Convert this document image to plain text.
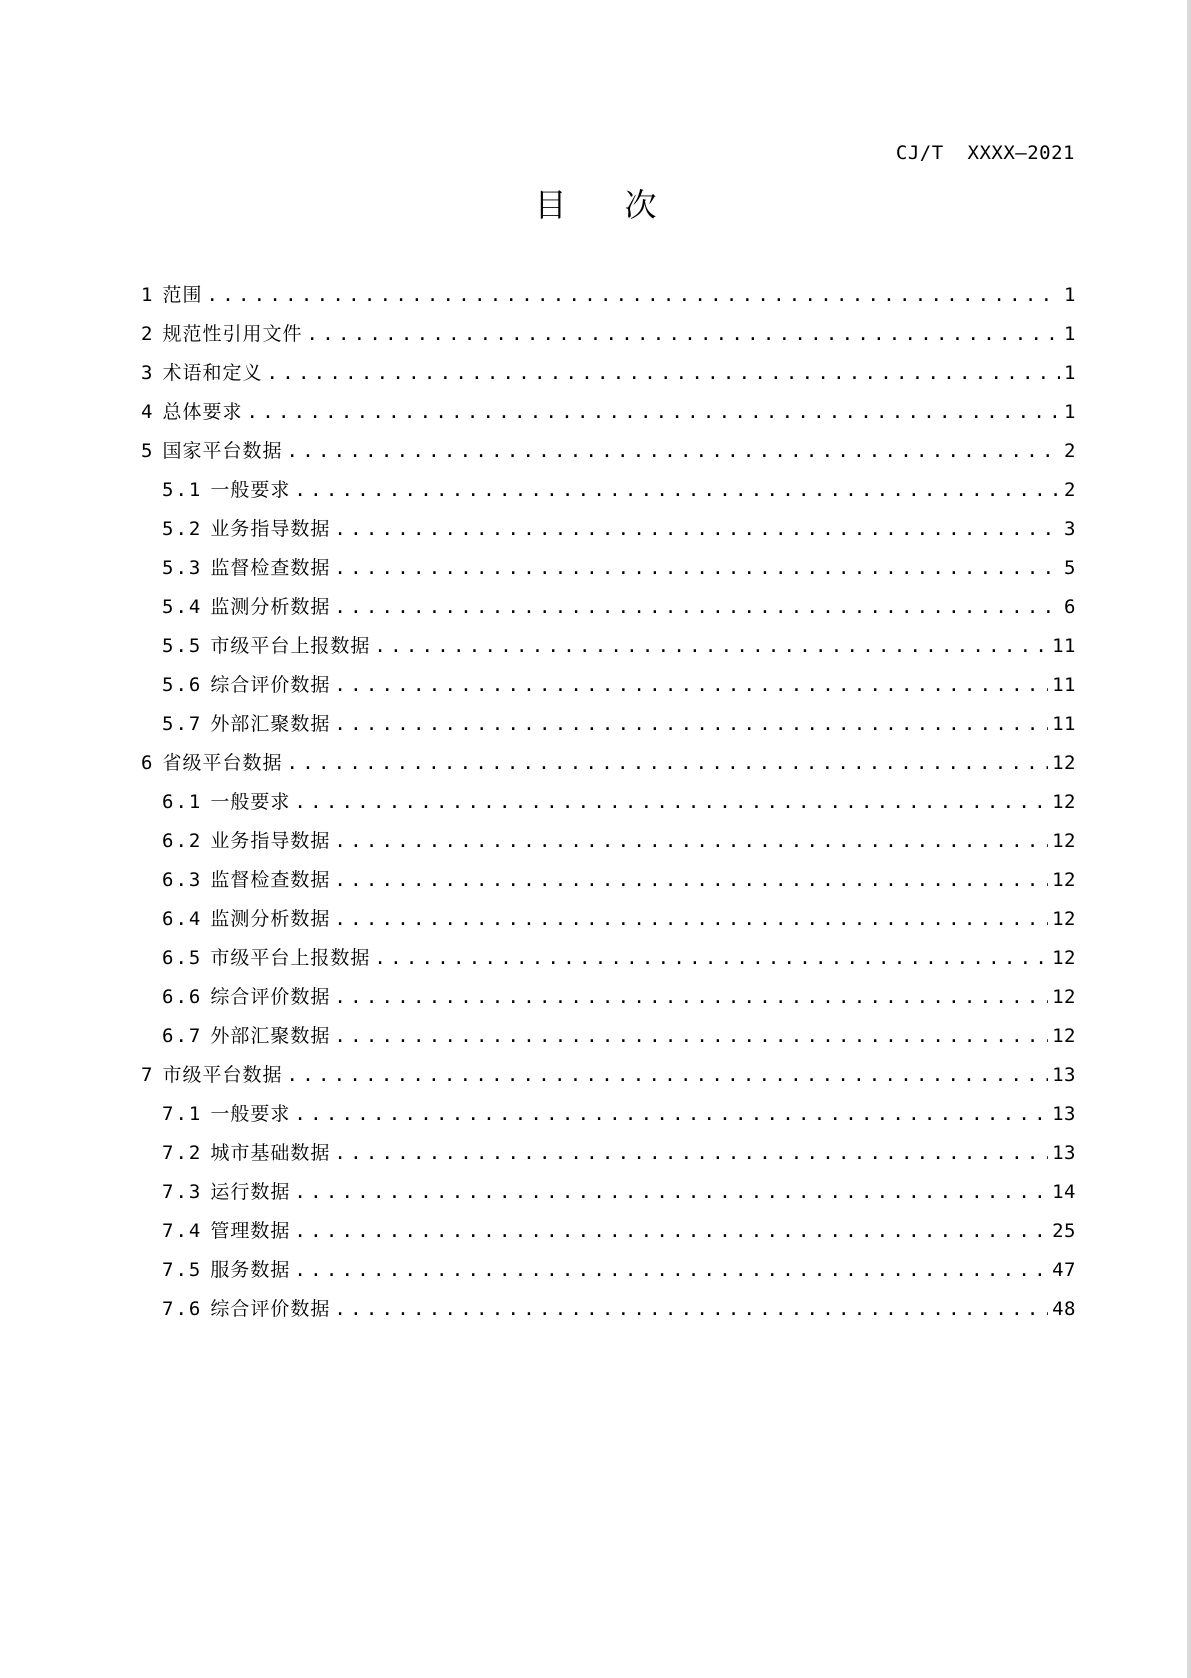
CJ/T  XXXX—2021
目次
1 范围 .....	1
2 规范性引用文件 .....	1
3 术语和定义 .....	1
4 总体要求 .....	1
5 国家平台数据 .....	2
5.1 一般要求 .....	2
5.2 业务指导数据 .....	3
5.3 监督检查数据 .....	5
5.4 监测分析数据 .....	6
5.5 市级平台上报数据 .....	11
5.6 综合评价数据 .....	11
5.7 外部汇聚数据 .....	11
6 省级平台数据 .....	12
6.1 一般要求 .....	12
6.2 业务指导数据 .....	12
6.3 监督检查数据 .....	12
6.4 监测分析数据 .....	12
6.5 市级平台上报数据 .....	12
6.6 综合评价数据 .....	12
6.7 外部汇聚数据 .....	12
7 市级平台数据 .....	13
7.1 一般要求 .....	13
7.2 城市基础数据 .....	13
7.3 运行数据 .....	14
7.4 管理数据 .....	25
7.5 服务数据 .....	47
7.6 综合评价数据 .....	48
